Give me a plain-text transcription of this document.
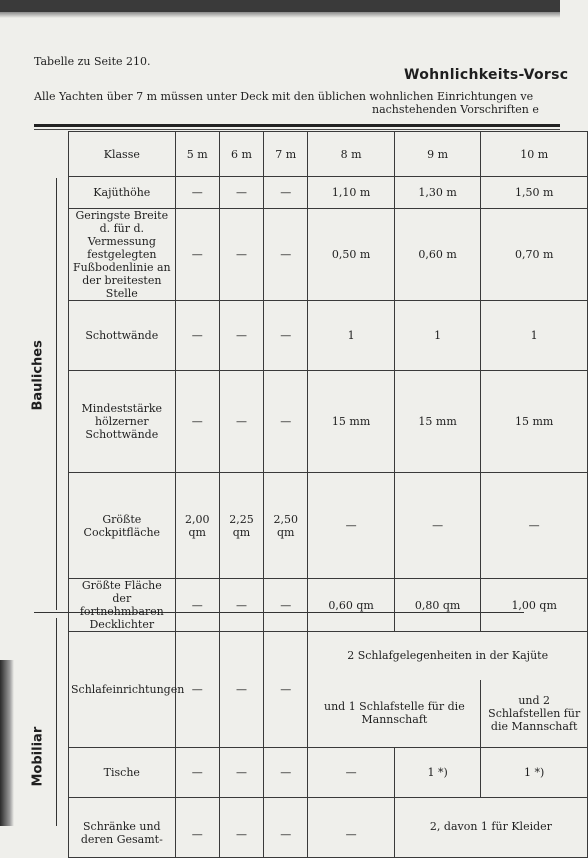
Tabelle zu Seite 210.
Wohnlichkeits-Vorsc
Alle Yachten über 7 m müssen unter Deck mit den üblichen wohnlichen Einrichtungen ve
nachstehenden Vorschriften e
Bauliches
Mobiliar
Klasse	5 m	6 m	7 m	8 m	9 m	10 m
Kajüthöhe	—	—	—	1,10 m	1,30 m	1,50 m
Geringste Breite d. für d. Vermessung festgelegten Fußbodenlinie an der breitesten Stelle	—	—	—	0,50 m	0,60 m	0,70 m
Schottwände	—	—	—	1	1	1
Mindeststärke hölzerner Schottwände	—	—	—	15 mm	15 mm	15 mm
Größte Cockpitfläche	2,00 qm	2,25 qm	2,50 qm	—	—	—
Größte Fläche der fortnehmbaren Decklichter	—	—	—	0,60 qm	0,80 qm	1,00 qm
Schlafeinrichtungen	—	—	—	2 Schlafgelegenheiten in der Kajüte		
				und 1 Schlafstelle für die Mannschaft		und 2 Schlafstellen für die Mannschaft
Tische	—	—	—	—	1 *)	1 *)
Schränke und deren Gesamt-	—	—	—	—	2, davon 1 für Kleider	
